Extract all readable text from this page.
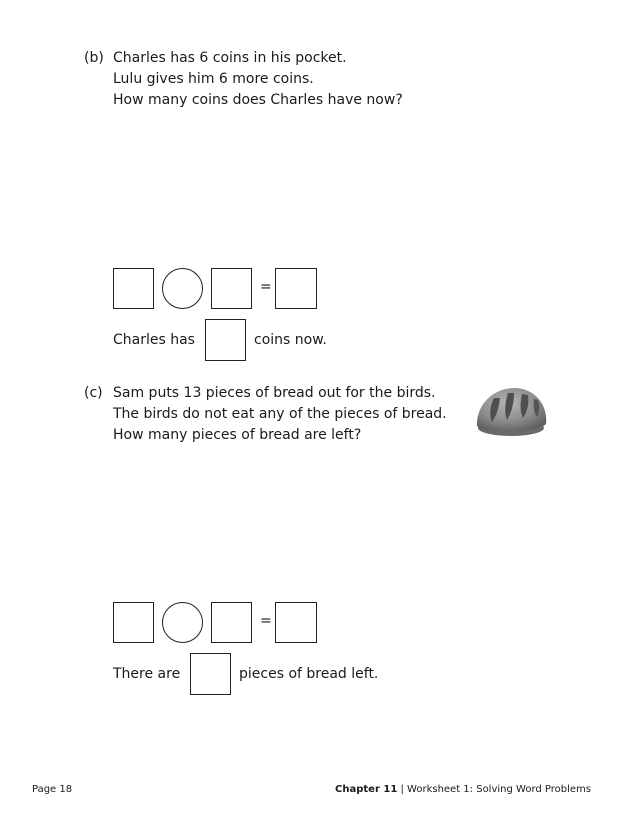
(b) Charles has 6 coins in his pocket.
Lulu gives him 6 more coins.
How many coins does Charles have now?
=
Charles has	coins now.
(c) Sam puts 13 pieces of bread out for the birds.
The birds do not eat any of the pieces of bread.
How many pieces of bread are left?
=
There are	pieces of bread left.
Page 18	Chapter 11 | Worksheet 1: Solving Word Problems
